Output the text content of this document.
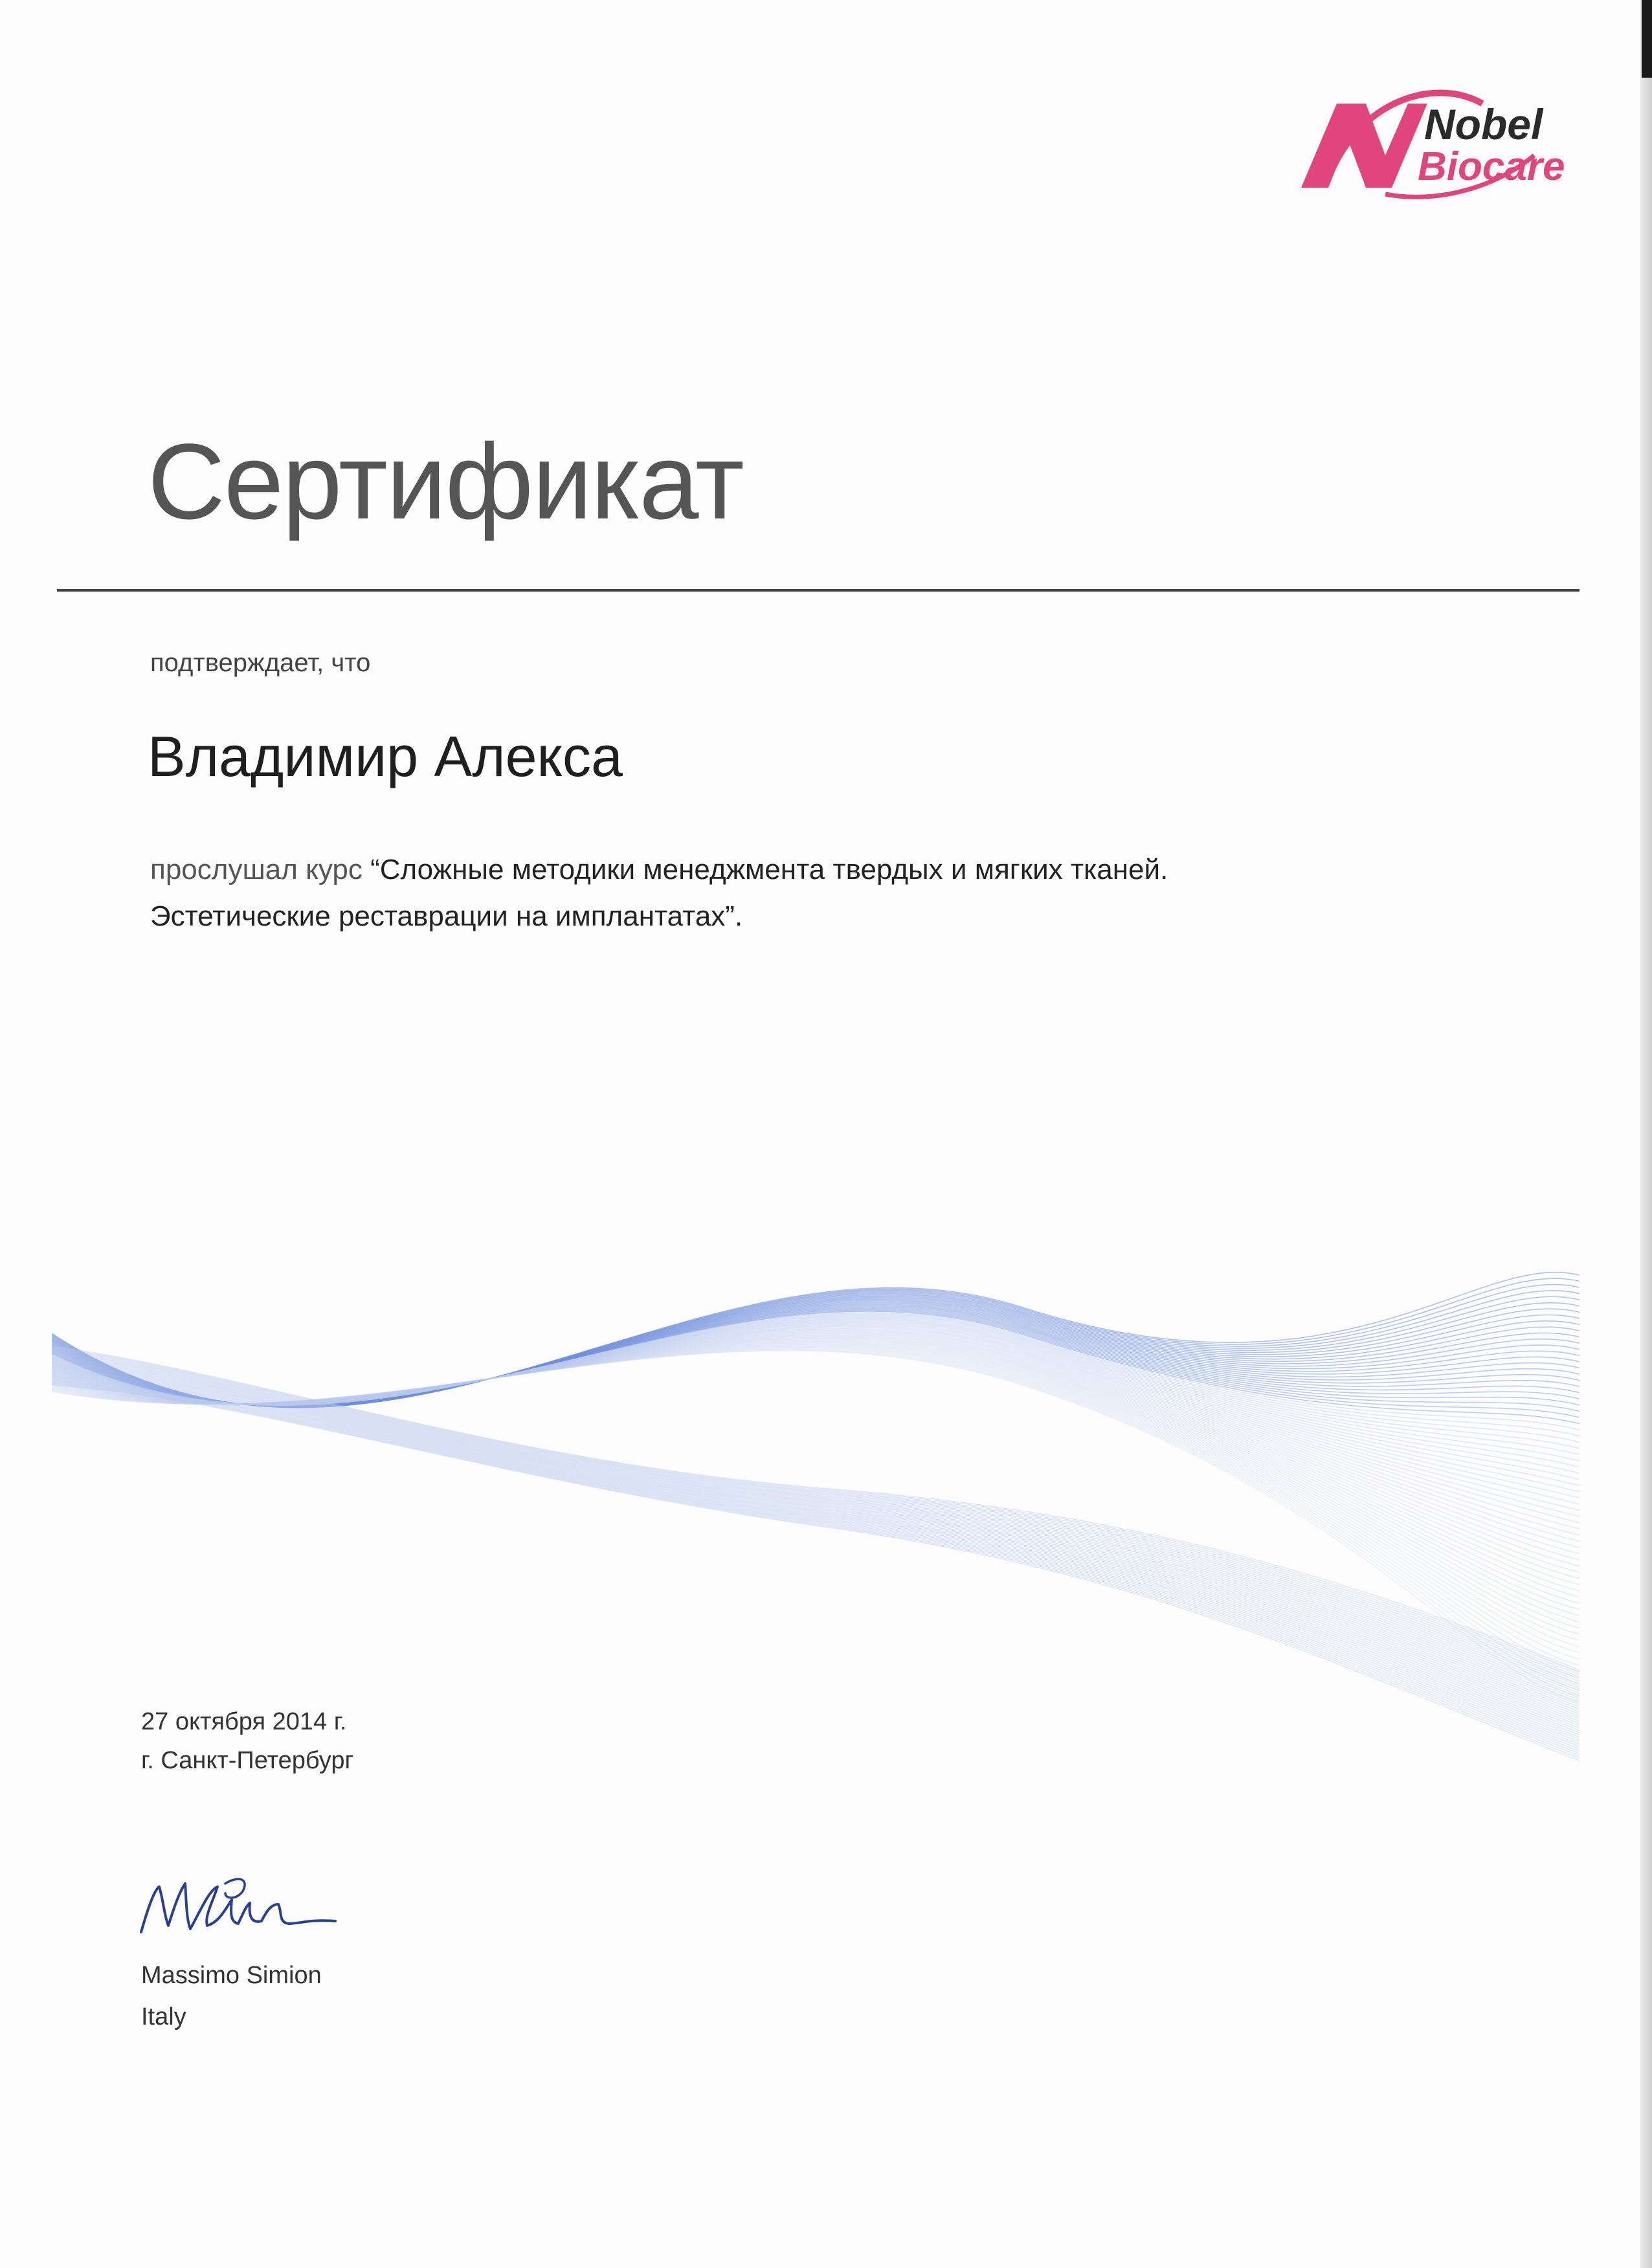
Nobel
Biocare
Сертификат
подтверждает, что
Владимир Алекса
прослушал курс “Сложные методики менеджмента твердых и мягких тканей.
Эстетические реставрации на имплантатах”.
27 октября 2014 г.
г. Санкт-Петербург
Massimo Simion
Italy
